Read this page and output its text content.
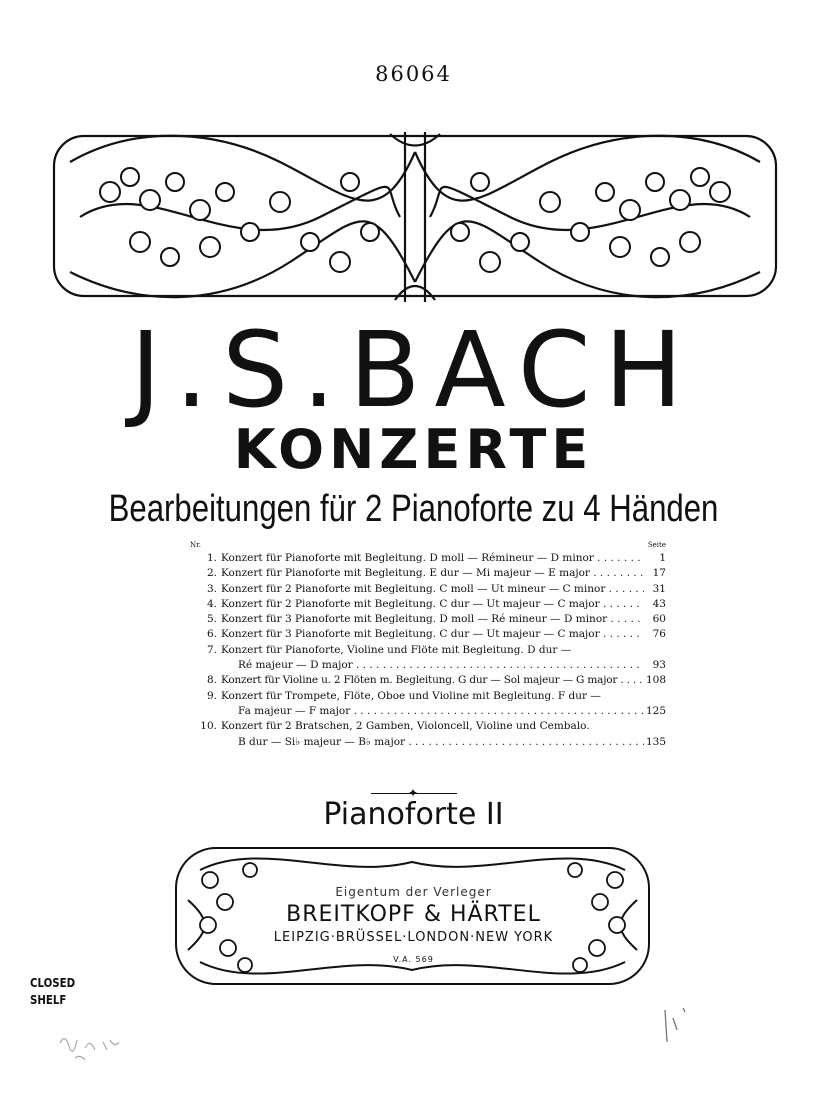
86064
J.S.BACH
KONZERTE
Bearbeitungen für 2 Pianoforte zu 4 Händen
Nr.	Seite
1. Konzert für Pianoforte mit Begleitung. D moll — Rémineur — D minor . . .	1
2. Konzert für Pianoforte mit Begleitung. E dur — Mi majeur — E major . . .	17
3. Konzert für 2 Pianoforte mit Begleitung. C moll — Ut mineur — C minor . . .	31
4. Konzert für 2 Pianoforte mit Begleitung. C dur — Ut majeur — C major . . .	43
5. Konzert für 3 Pianoforte mit Begleitung. D moll — Ré mineur — D minor . . .	60
6. Konzert für 3 Pianoforte mit Begleitung. C dur — Ut majeur — C major . . .	76
7. Konzert für Pianoforte, Violine und Flöte mit Begleitung. D dur —
Ré majeur — D major . . .	93
8. Konzert für Violine u. 2 Flöten m. Begleitung. G dur — Sol majeur — G major . . .	108
9. Konzert für Trompete, Flöte, Oboe und Violine mit Begleitung. F dur —
Fa majeur — F major . . .	125
10. Konzert für 2 Bratschen, 2 Gamben, Violoncell, Violine und Cembalo.
B dur — Si♭ majeur — B♭ major . . .	135
✦
Pianoforte II
Eigentum der Verleger
BREITKOPF & HÄRTEL
LEIPZIG·BRÜSSEL·LONDON·NEW YORK
V.A. 569
CLOSED
SHELF
